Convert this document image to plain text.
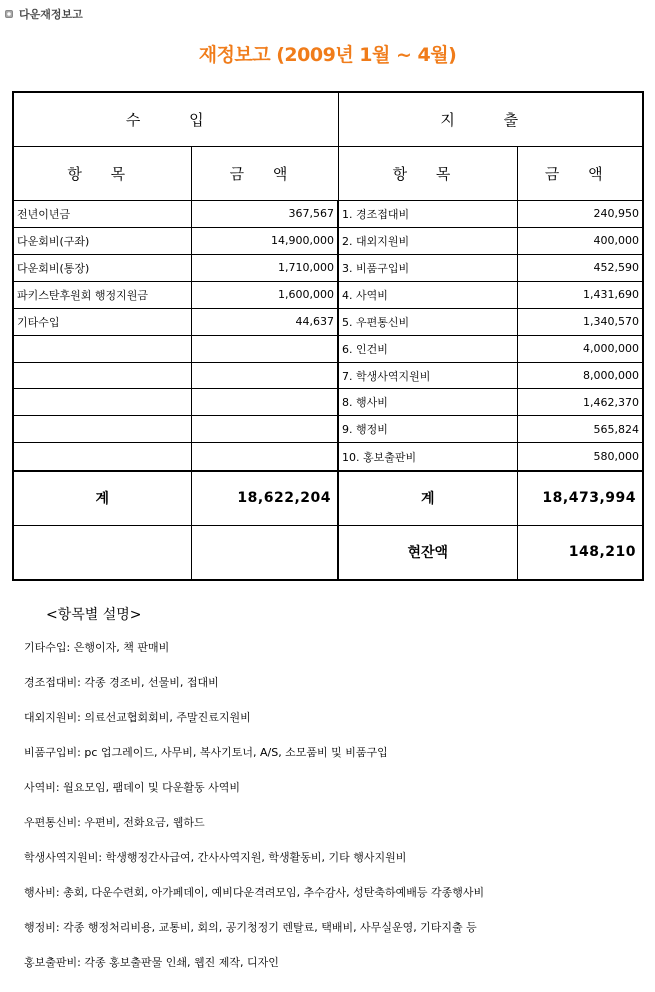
다운재정보고
재정보고 (2009년 1월 ~ 4월)
수 입		지 출	
항 목	금 액	항 목	금 액
전년이년금	367,567	1. 경조접대비	240,950
다운회비(구좌)	14,900,000	2. 대외지원비	400,000
다운회비(통장)	1,710,000	3. 비품구입비	452,590
파키스탄후원회 행정지원금	1,600,000	4. 사역비	1,431,690
기타수입	44,637	5. 우편통신비	1,340,570
		6. 인건비	4,000,000
		7. 학생사역지원비	8,000,000
		8. 행사비	1,462,370
		9. 행정비	565,824
		10. 홍보출판비	580,000
계	18,622,204	계	18,473,994
		현잔액	148,210
<항목별 설명>
기타수입: 은행이자, 책 판매비
경조접대비: 각종 경조비, 선물비, 접대비
대외지원비: 의료선교협회회비, 주말진료지원비
비품구입비: pc 업그레이드, 사무비, 복사기토너, A/S, 소모품비 및 비품구입
사역비: 월요모임, 팸데이 및 다운활동 사역비
우편통신비: 우편비, 전화요금, 웹하드
학생사역지원비: 학생행정간사급여, 간사사역지원, 학생활동비, 기타 행사지원비
행사비: 총회, 다운수련회, 아가페데이, 예비다운격려모임, 추수감사, 성탄축하예배등 각종행사비
행정비: 각종 행정처리비용, 교통비, 회의, 공기청정기 렌탈료, 택배비, 사무실운영, 기타지출 등
홍보출판비: 각종 홍보출판물 인쇄, 웹진 제작, 디자인
